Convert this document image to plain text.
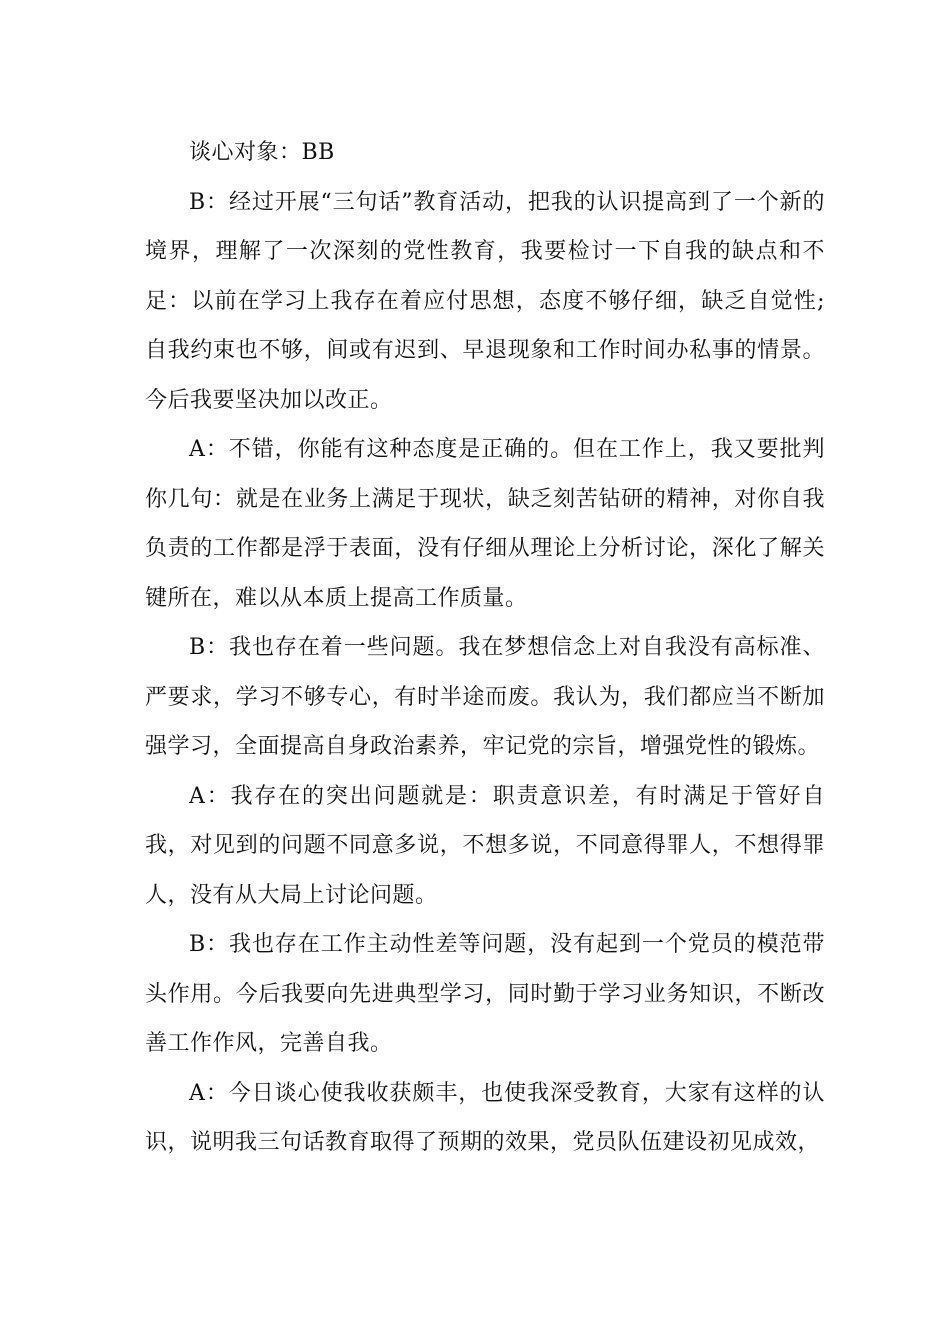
谈心对象：BB

B：经过开展“三句话”教育活动，把我的认识提高到了一个新的境界，理解了一次深刻的党性教育，我要检讨一下自我的缺点和不足：以前在学习上我存在着应付思想，态度不够仔细，缺乏自觉性;自我约束也不够，间或有迟到、早退现象和工作时间办私事的情景。今后我要坚决加以改正。

A：不错，你能有这种态度是正确的。但在工作上，我又要批判你几句：就是在业务上满足于现状，缺乏刻苦钻研的精神，对你自我负责的工作都是浮于表面，没有仔细从理论上分析讨论，深化了解关键所在，难以从本质上提高工作质量。

B：我也存在着一些问题。我在梦想信念上对自我没有高标准、严要求，学习不够专心，有时半途而废。我认为，我们都应当不断加强学习，全面提高自身政治素养，牢记党的宗旨，增强党性的锻炼。

A：我存在的突出问题就是：职责意识差，有时满足于管好自我，对见到的问题不同意多说，不想多说，不同意得罪人，不想得罪人，没有从大局上讨论问题。

B：我也存在工作主动性差等问题，没有起到一个党员的模范带头作用。今后我要向先进典型学习，同时勤于学习业务知识，不断改善工作作风，完善自我。

A：今日谈心使我收获颇丰，也使我深受教育，大家有这样的认识，说明我三句话教育取得了预期的效果，党员队伍建设初见成效，
